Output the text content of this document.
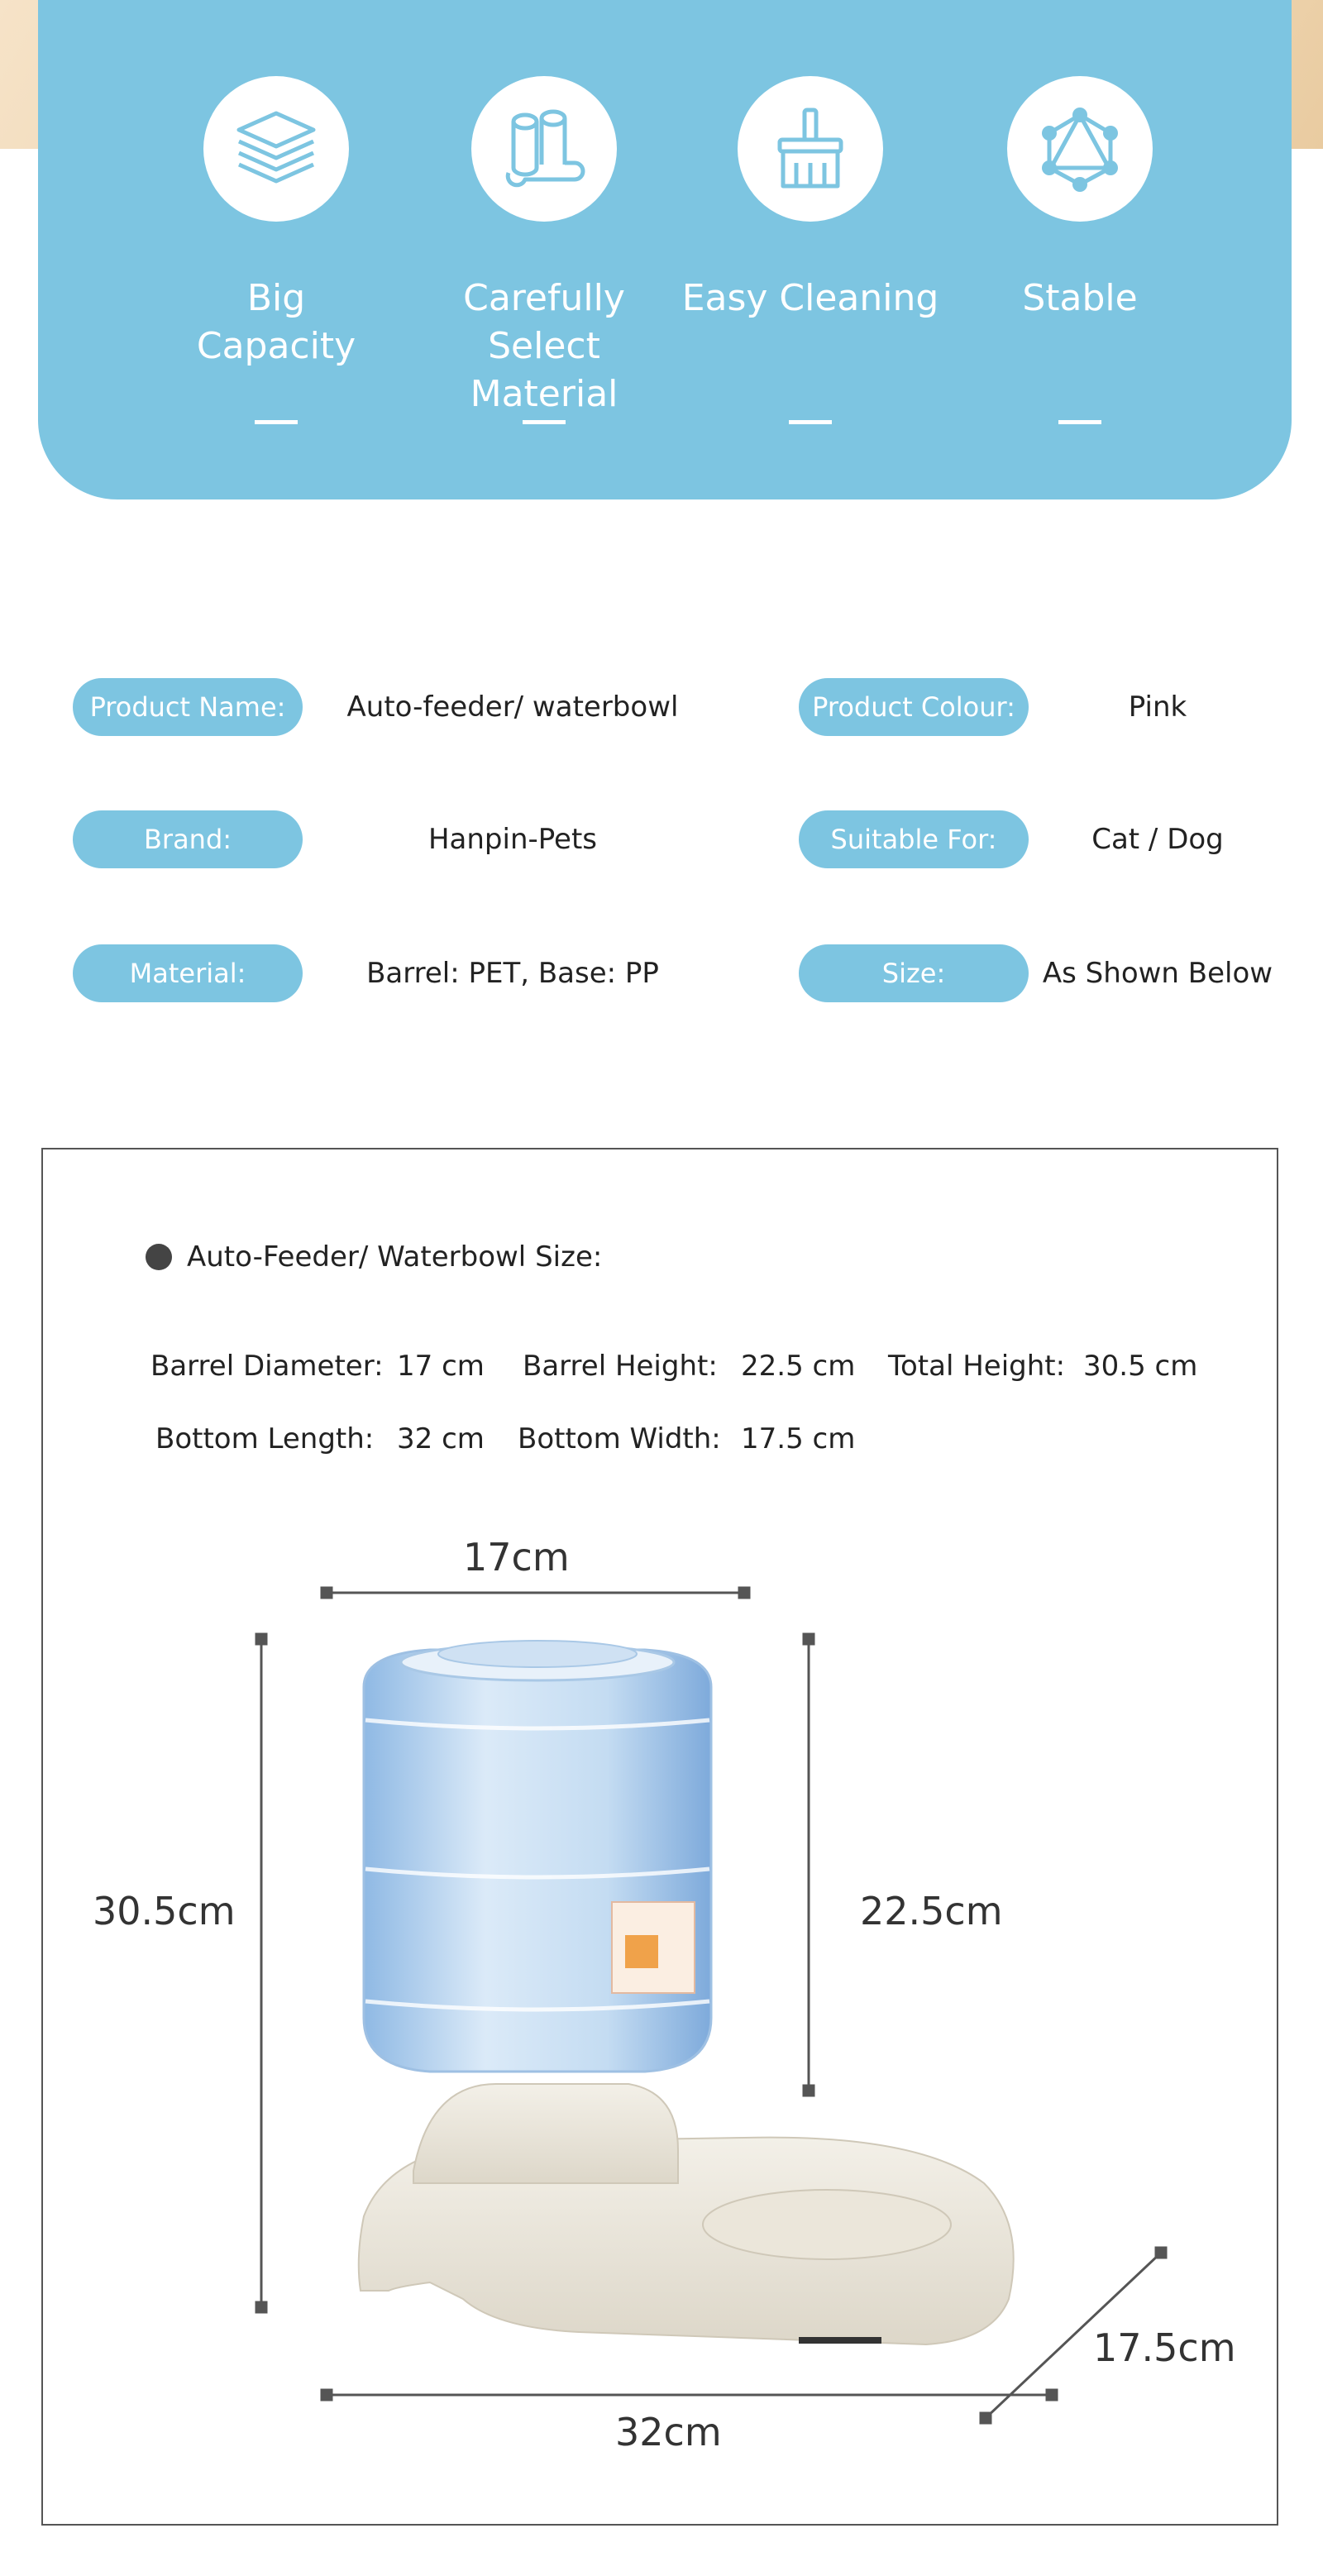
Big
Capacity
Carefully
Select Material
Easy Cleaning	Stable
Product Name:	Auto-feeder/ waterbowl	Product Colour:	Pink
Brand:	Hanpin-Pets	Suitable For:	Cat / Dog
Material:	Barrel: PET, Base: PP	Size:	As Shown Below
Auto-Feeder/ Waterbowl Size:
Barrel Diameter: 17 cm Barrel Height: 22.5 cm Total Height: 30.5 cm
Bottom Length: 32 cm Bottom Width: 17.5 cm
17cm
30.5cm	22.5cm
32cm
17.5cm
